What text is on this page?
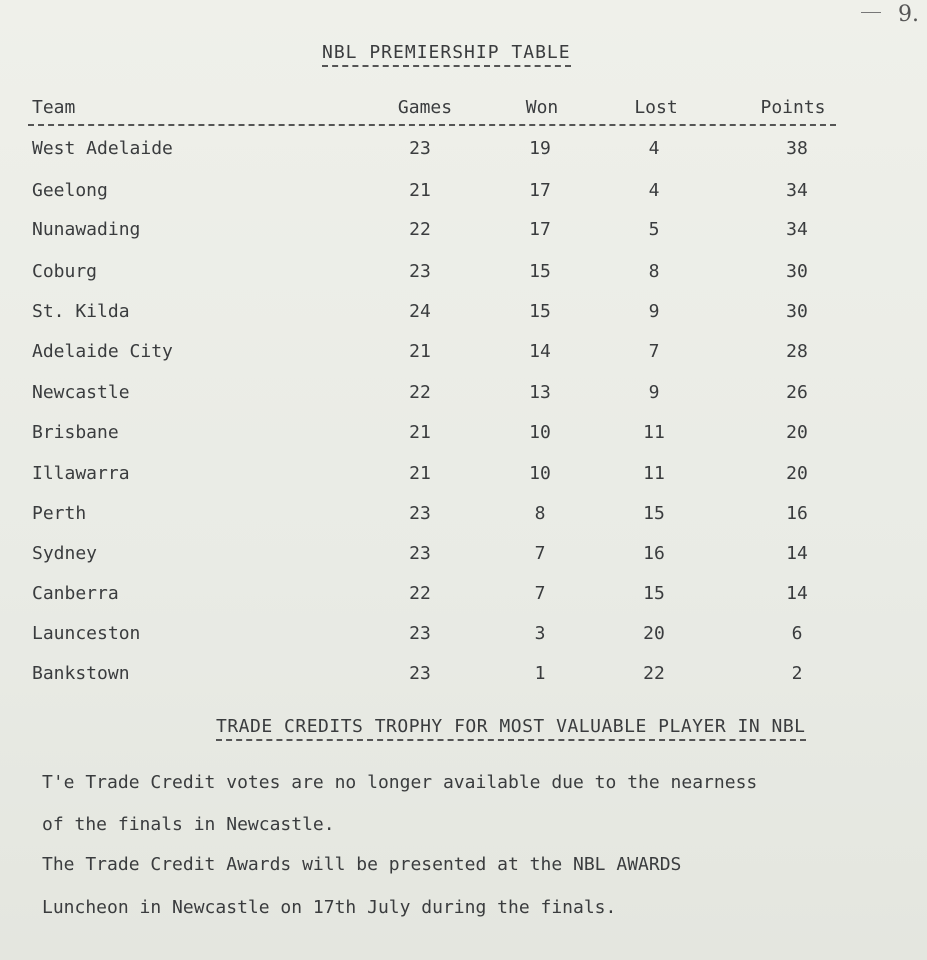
9.
NBL PREMIERSHIP TABLE
Team	Games	Won	Lost	Points
West Adelaide	23	19	4	38
Geelong	21	17	4	34
Nunawading	22	17	5	34
Coburg	23	15	8	30
St. Kilda	24	15	9	30
Adelaide City	21	14	7	28
Newcastle	22	13	9	26
Brisbane	21	10	11	20
Illawarra	21	10	11	20
Perth	23	8	15	16
Sydney	23	7	16	14
Canberra	22	7	15	14
Launceston	23	3	20	6
Bankstown	23	1	22	2
TRADE CREDITS TROPHY FOR MOST VALUABLE PLAYER IN NBL
T'e Trade Credit votes are no longer available due to the nearness
of the finals in Newcastle.
The Trade Credit Awards will be presented at the NBL AWARDS
Luncheon in Newcastle on 17th July during the finals.
